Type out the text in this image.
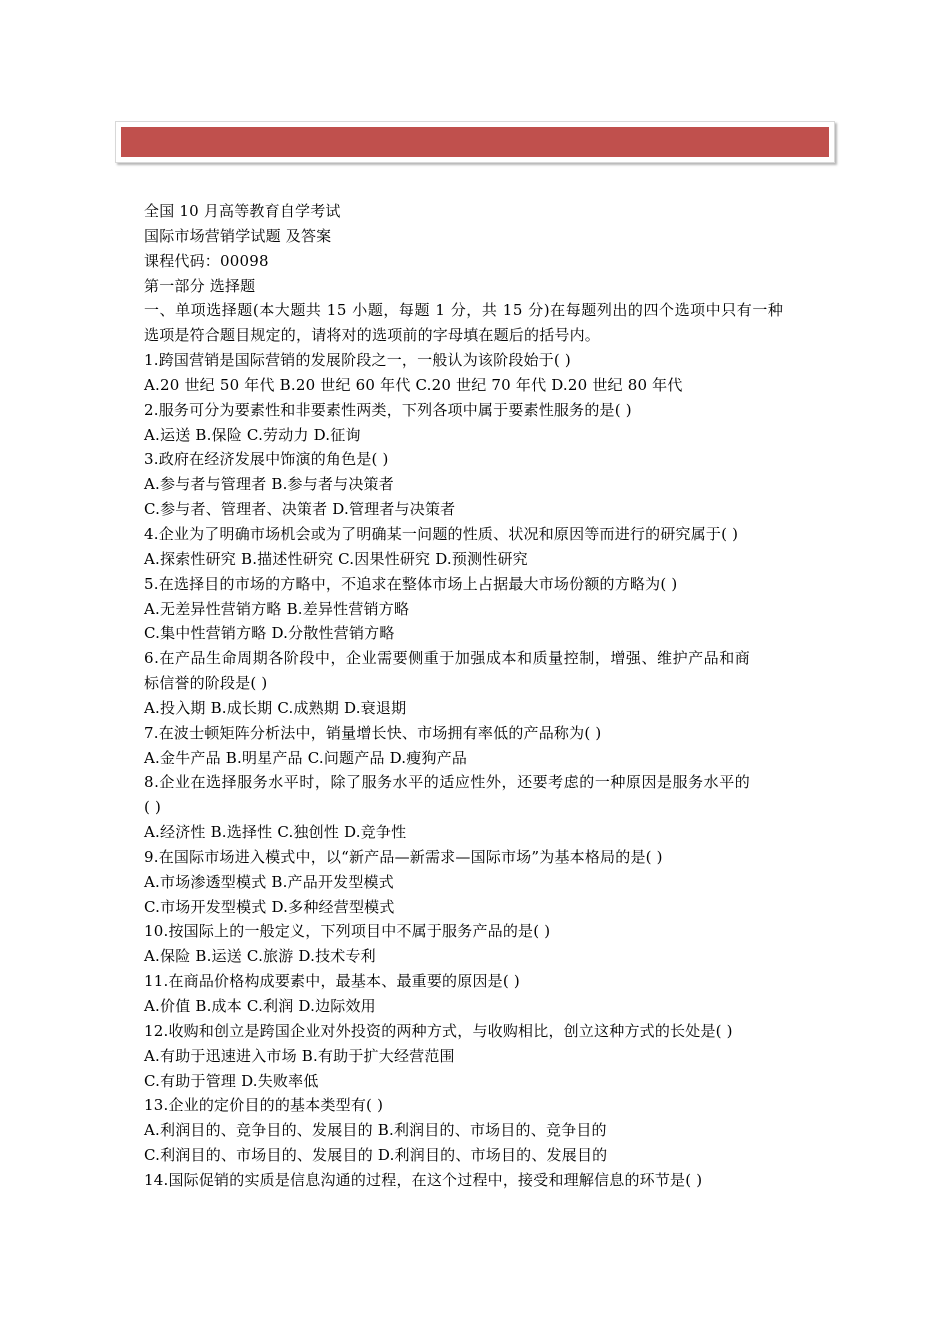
全国 10 月高等教育自学考试
国际市场营销学试题 及答案
课程代码：00098
第一部分 选择题
一、单项选择题(本大题共 15 小题，每题 1 分，共 15 分)在每题列出的四个选项中只有一种
选项是符合题目规定的，请将对的选项前的字母填在题后的括号内。
1.跨国营销是国际营销的发展阶段之一，一般认为该阶段始于( )
A.20 世纪 50 年代 B.20 世纪 60 年代 C.20 世纪 70 年代 D.20 世纪 80 年代
2.服务可分为要素性和非要素性两类，下列各项中属于要素性服务的是( )
A.运送 B.保险 C.劳动力 D.征询
3.政府在经济发展中饰演的角色是( )
A.参与者与管理者 B.参与者与决策者
C.参与者、管理者、决策者 D.管理者与决策者
4.企业为了明确市场机会或为了明确某一问题的性质、状况和原因等而进行的研究属于( )
A.探索性研究 B.描述性研究 C.因果性研究 D.预测性研究
5.在选择目的市场的方略中，不追求在整体市场上占据最大市场份额的方略为( )
A.无差异性营销方略 B.差异性营销方略
C.集中性营销方略 D.分散性营销方略
6.在产品生命周期各阶段中，企业需要侧重于加强成本和质量控制，增强、维护产品和商
标信誉的阶段是( )
A.投入期 B.成长期 C.成熟期 D.衰退期
7.在波士顿矩阵分析法中，销量增长快、市场拥有率低的产品称为( )
A.金牛产品 B.明星产品 C.问题产品 D.瘦狗产品
8.企业在选择服务水平时，除了服务水平的适应性外，还要考虑的一种原因是服务水平的
( )
A.经济性 B.选择性 C.独创性 D.竞争性
9.在国际市场进入模式中，以“新产品—新需求—国际市场”为基本格局的是( )
A.市场渗透型模式 B.产品开发型模式
C.市场开发型模式 D.多种经营型模式
10.按国际上的一般定义，下列项目中不属于服务产品的是( )
A.保险 B.运送 C.旅游 D.技术专利
11.在商品价格构成要素中，最基本、最重要的原因是( )
A.价值 B.成本 C.利润 D.边际效用
12.收购和创立是跨国企业对外投资的两种方式，与收购相比，创立这种方式的长处是( )
A.有助于迅速进入市场 B.有助于扩大经营范围
C.有助于管理 D.失败率低
13.企业的定价目的的基本类型有( )
A.利润目的、竞争目的、发展目的 B.利润目的、市场目的、竞争目的
C.利润目的、市场目的、发展目的 D.利润目的、市场目的、发展目的
14.国际促销的实质是信息沟通的过程，在这个过程中，接受和理解信息的环节是( )
